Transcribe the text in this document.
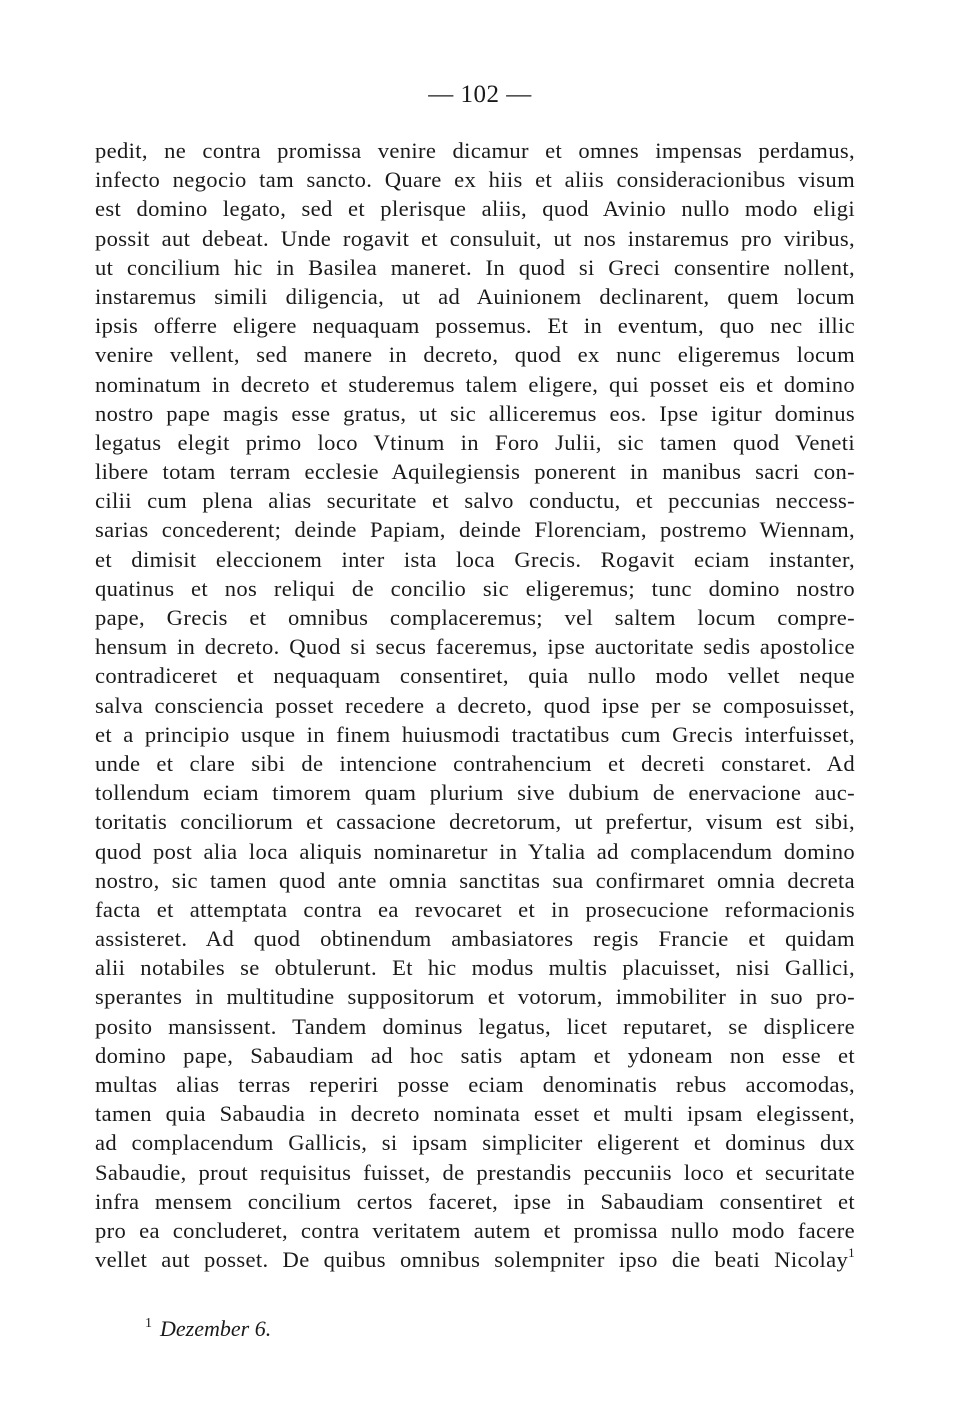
— 102 —
pedit, ne contra promissa venire dicamur et omnes impensas perdamus,
infecto negocio tam sancto. Quare ex hiis et aliis consideracionibus visum
est domino legato, sed et plerisque aliis, quod Avinio nullo modo eligi
possit aut debeat. Unde rogavit et consuluit, ut nos instaremus pro viribus,
ut concilium hic in Basilea maneret. In quod si Greci consentire nollent,
instaremus simili diligencia, ut ad Auinionem declinarent, quem locum
ipsis offerre eligere nequaquam possemus. Et in eventum, quo nec illic
venire vellent, sed manere in decreto, quod ex nunc eligeremus locum
nominatum in decreto et studeremus talem eligere, qui posset eis et domino
nostro pape magis esse gratus, ut sic alliceremus eos. Ipse igitur dominus
legatus elegit primo loco Vtinum in Foro Julii, sic tamen quod Veneti
libere totam terram ecclesie Aquilegiensis ponerent in manibus sacri con-
cilii cum plena alias securitate et salvo conductu, et peccunias neccess-
sarias concederent; deinde Papiam, deinde Florenciam, postremo Wiennam,
et dimisit eleccionem inter ista loca Grecis. Rogavit eciam instanter,
quatinus et nos reliqui de concilio sic eligeremus; tunc domino nostro
pape, Grecis et omnibus complaceremus; vel saltem locum compre-
hensum in decreto. Quod si secus faceremus, ipse auctoritate sedis apostolice
contradiceret et nequaquam consentiret, quia nullo modo vellet neque
salva consciencia posset recedere a decreto, quod ipse per se composuisset,
et a principio usque in finem huiusmodi tractatibus cum Grecis interfuisset,
unde et clare sibi de intencione contrahencium et decreti constaret. Ad
tollendum eciam timorem quam plurium sive dubium de enervacione auc-
toritatis conciliorum et cassacione decretorum, ut prefertur, visum est sibi,
quod post alia loca aliquis nominaretur in Ytalia ad complacendum domino
nostro, sic tamen quod ante omnia sanctitas sua confirmaret omnia decreta
facta et attemptata contra ea revocaret et in prosecucione reformacionis
assisteret. Ad quod obtinendum ambasiatores regis Francie et quidam
alii notabiles se obtulerunt. Et hic modus multis placuisset, nisi Gallici,
sperantes in multitudine suppositorum et votorum, immobiliter in suo pro-
posito mansissent. Tandem dominus legatus, licet reputaret, se displicere
domino pape, Sabaudiam ad hoc satis aptam et ydoneam non esse et
multas alias terras reperiri posse eciam denominatis rebus accomodas,
tamen quia Sabaudia in decreto nominata esset et multi ipsam elegissent,
ad complacendum Gallicis, si ipsam simpliciter eligerent et dominus dux
Sabaudie, prout requisitus fuisset, de prestandis peccuniis loco et securitate
infra mensem concilium certos faceret, ipse in Sabaudiam consentiret et
pro ea concluderet, contra veritatem autem et promissa nullo modo facere
vellet aut posset. De quibus omnibus solempniter ipso die beati Nicolay$^1$
$^1$ Dezember 6.
